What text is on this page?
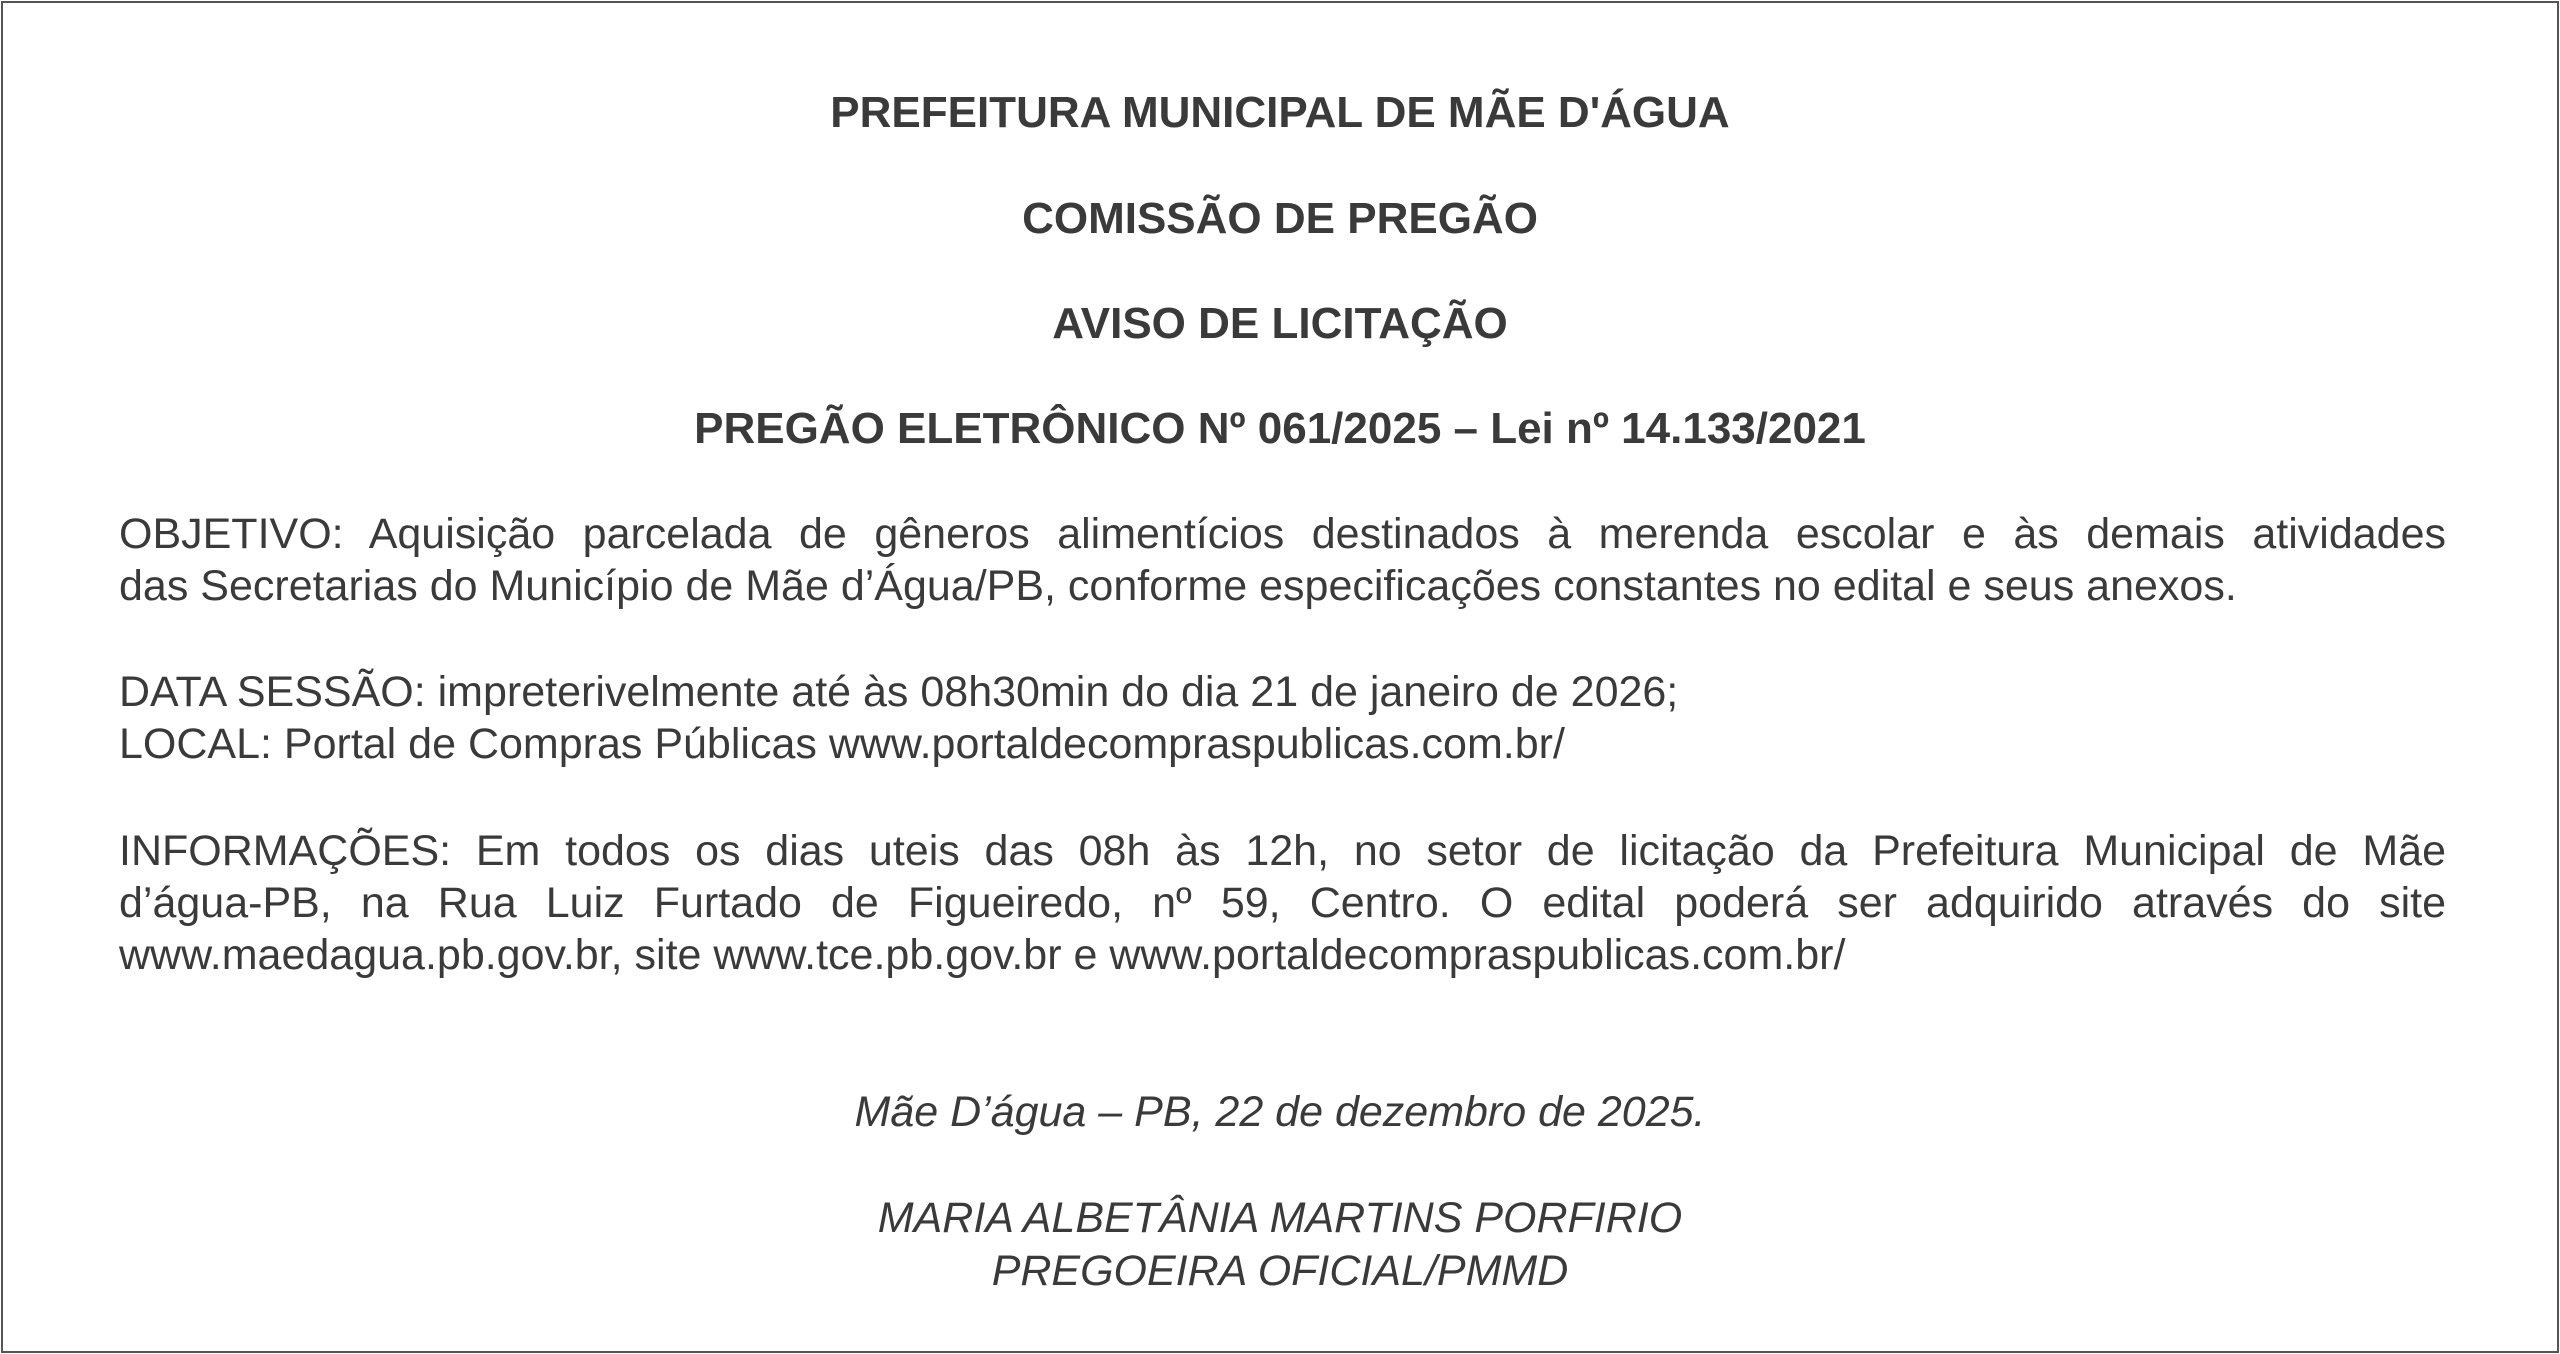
PREFEITURA MUNICIPAL DE MÃE D'ÁGUA
COMISSÃO DE PREGÃO
AVISO DE LICITAÇÃO
PREGÃO ELETRÔNICO Nº 061/2025 – Lei nº 14.133/2021
OBJETIVO: Aquisição parcelada de gêneros alimentícios destinados à merenda escolar e às demais atividades
das Secretarias do Município de Mãe d’Água/PB, conforme especificações constantes no edital e seus anexos.
DATA SESSÃO: impreterivelmente até às 08h30min do dia 21 de janeiro de 2026;
LOCAL: Portal de Compras Públicas www.portaldecompraspublicas.com.br/
INFORMAÇÕES: Em todos os dias uteis das 08h às 12h, no setor de licitação da Prefeitura Municipal de Mãe
d’água-PB, na Rua Luiz Furtado de Figueiredo, nº 59, Centro. O edital poderá ser adquirido através do site
www.maedagua.pb.gov.br, site www.tce.pb.gov.br e www.portaldecompraspublicas.com.br/
Mãe D’água – PB, 22 de dezembro de 2025.
MARIA ALBETÂNIA MARTINS PORFIRIO
PREGOEIRA OFICIAL/PMMD
